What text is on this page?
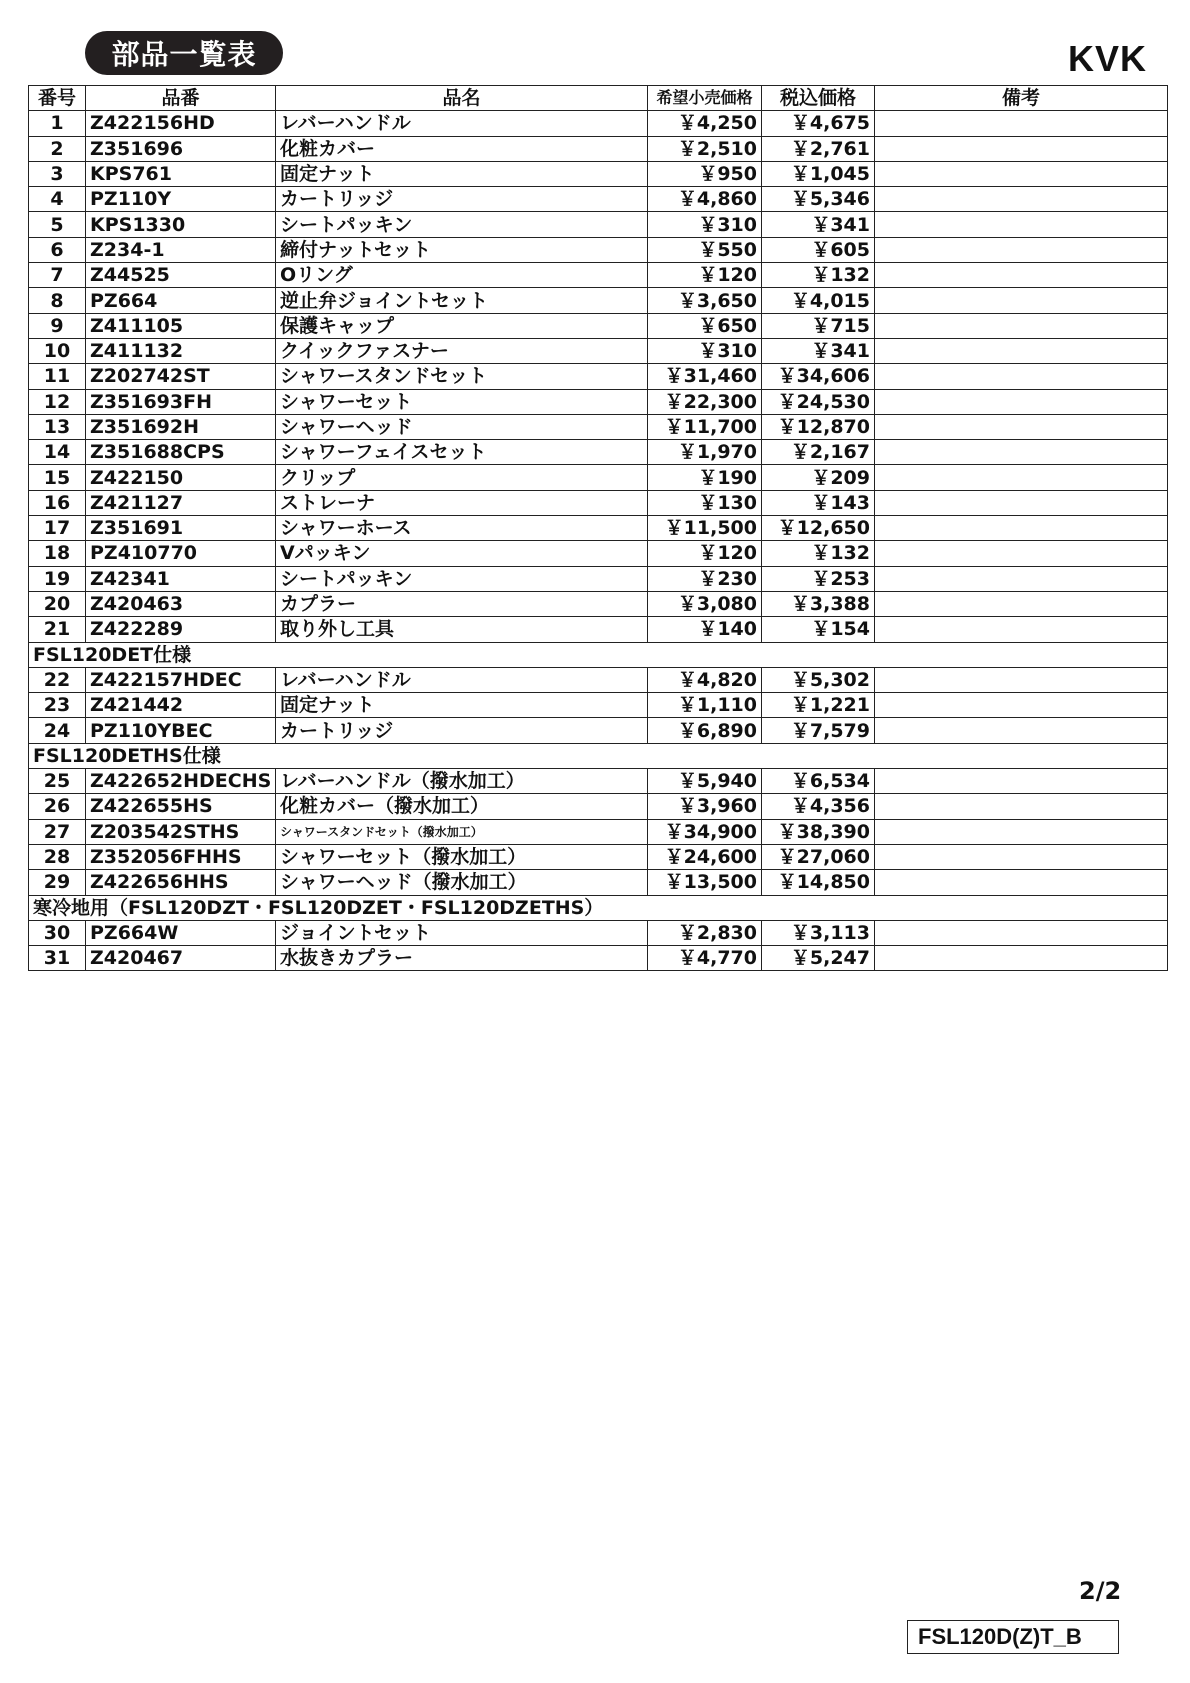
部品一覧表	KVK
番号	品番	品名	希望小売価格	税込価格	備考
1	Z422156HD	レバーハンドル	￥4,250	￥4,675	
2	Z351696	化粧カバー	￥2,510	￥2,761	
3	KPS761	固定ナット	￥950	￥1,045	
4	PZ110Y	カートリッジ	￥4,860	￥5,346	
5	KPS1330	シートパッキン	￥310	￥341	
6	Z234-1	締付ナットセット	￥550	￥605	
7	Z44525	Oリング	￥120	￥132	
8	PZ664	逆止弁ジョイントセット	￥3,650	￥4,015	
9	Z411105	保護キャップ	￥650	￥715	
10	Z411132	クイックファスナー	￥310	￥341	
11	Z202742ST	シャワースタンドセット	￥31,460	￥34,606	
12	Z351693FH	シャワーセット	￥22,300	￥24,530	
13	Z351692H	シャワーヘッド	￥11,700	￥12,870	
14	Z351688CPS	シャワーフェイスセット	￥1,970	￥2,167	
15	Z422150	クリップ	￥190	￥209	
16	Z421127	ストレーナ	￥130	￥143	
17	Z351691	シャワーホース	￥11,500	￥12,650	
18	PZ410770	Vパッキン	￥120	￥132	
19	Z42341	シートパッキン	￥230	￥253	
20	Z420463	カプラー	￥3,080	￥3,388	
21	Z422289	取り外し工具	￥140	￥154	
FSL120DET仕様					
22	Z422157HDEC	レバーハンドル	￥4,820	￥5,302	
23	Z421442	固定ナット	￥1,110	￥1,221	
24	PZ110YBEC	カートリッジ	￥6,890	￥7,579	
FSL120DETHS仕様					
25	Z422652HDECHS	レバーハンドル（撥水加工）	￥5,940	￥6,534	
26	Z422655HS	化粧カバー（撥水加工）	￥3,960	￥4,356	
27	Z203542STHS	シャワースタンドセット（撥水加工）	￥34,900	￥38,390	
28	Z352056FHHS	シャワーセット（撥水加工）	￥24,600	￥27,060	
29	Z422656HHS	シャワーヘッド（撥水加工）	￥13,500	￥14,850	
寒冷地用（FSL120DZT・FSL120DZET・FSL120DZETHS）					
30	PZ664W	ジョイントセット	￥2,830	￥3,113	
31	Z420467	水抜きカプラー	￥4,770	￥5,247	
2/2
FSL120D(Z)T_B
